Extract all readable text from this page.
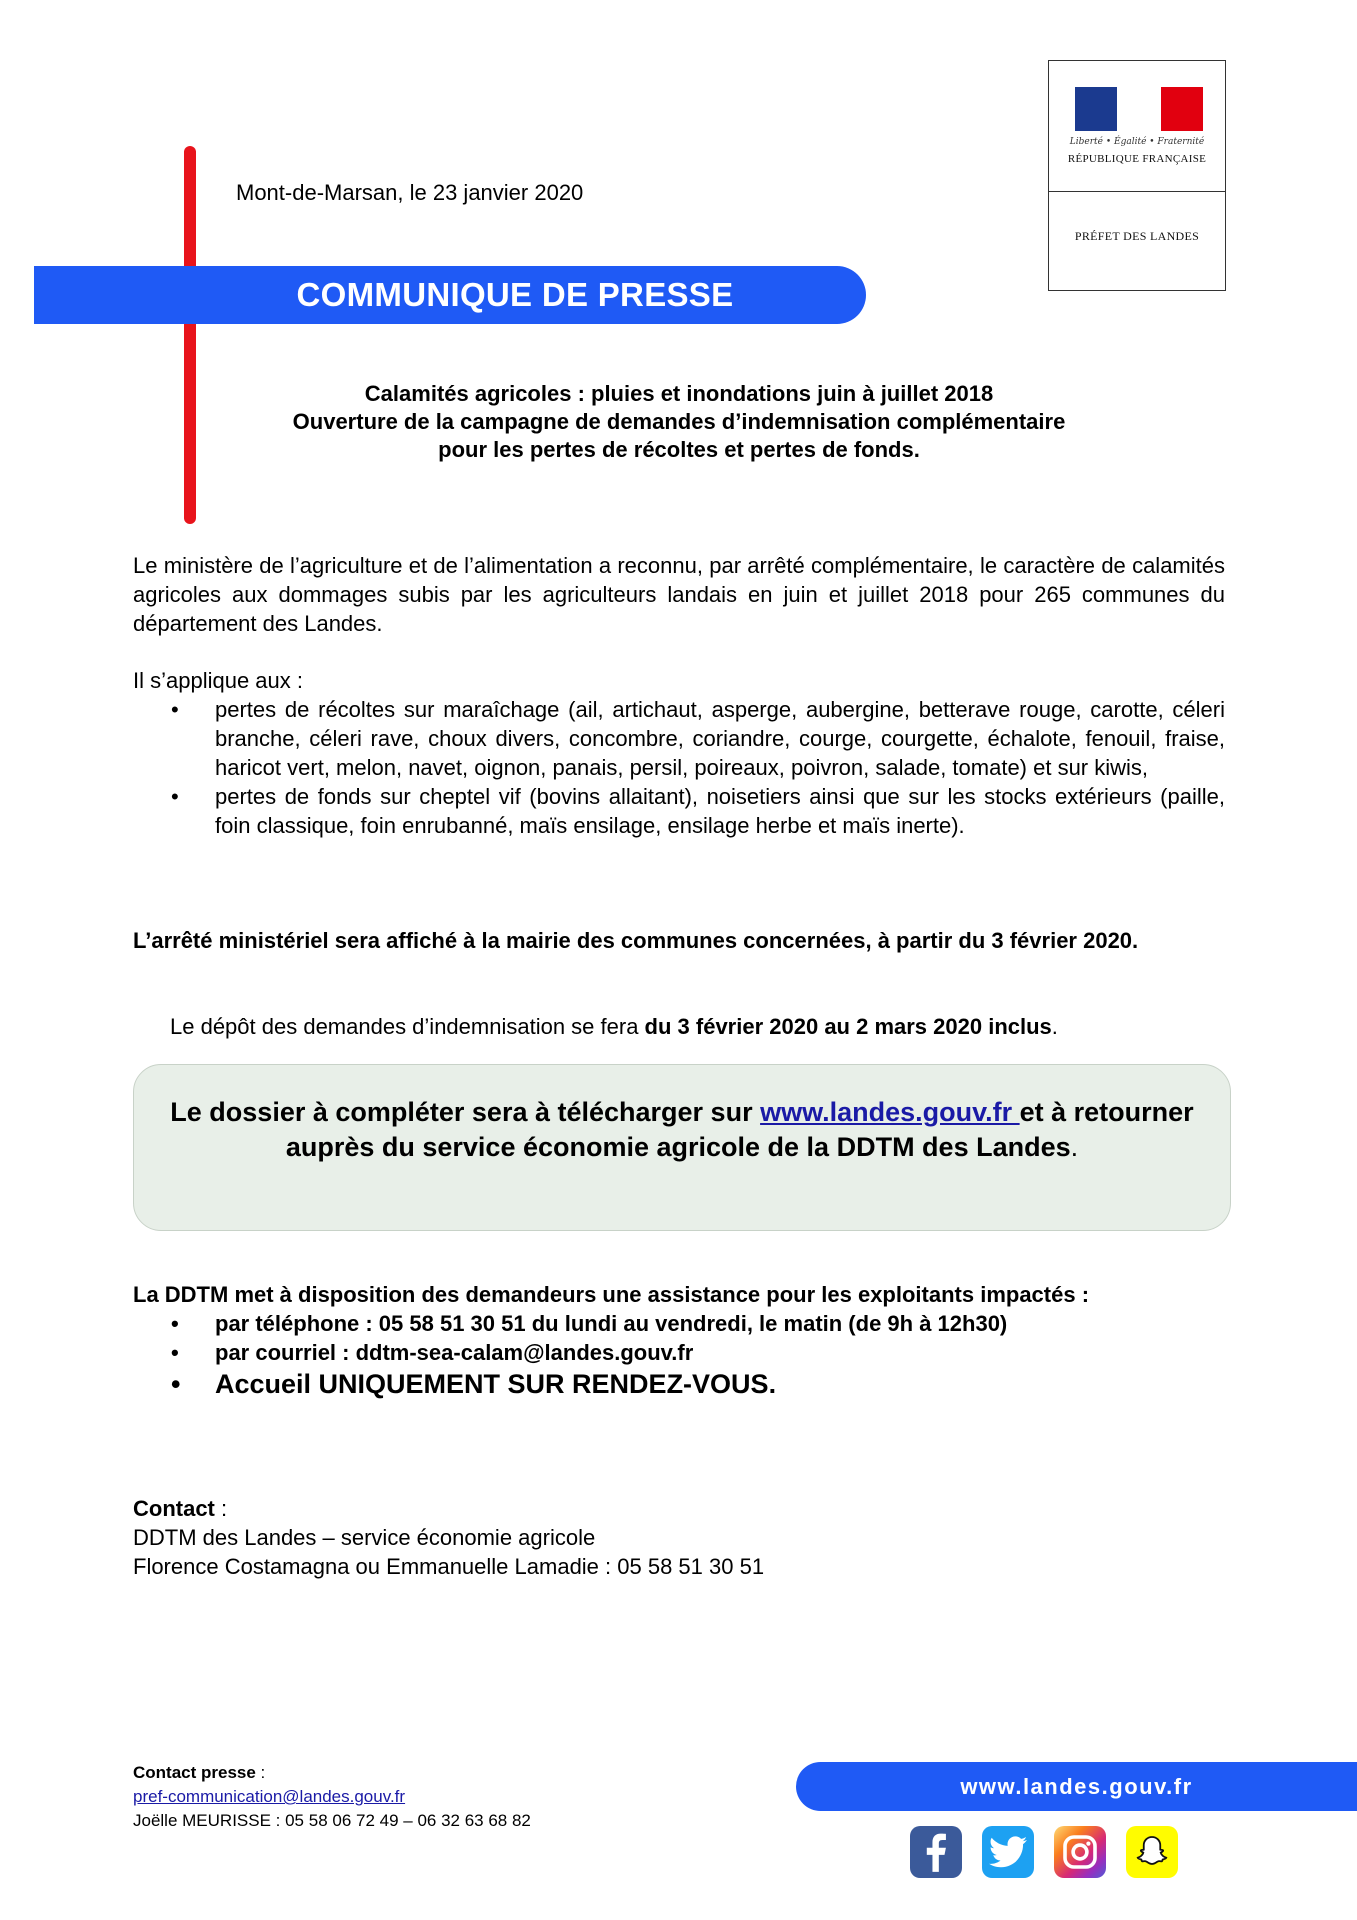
Liberté • Égalité • Fraternité
RÉPUBLIQUE FRANÇAISE
PRÉFET DES LANDES
Mont-de-Marsan, le 23 janvier 2020
COMMUNIQUE DE PRESSE
Calamités agricoles : pluies et inondations juin à juillet 2018
Ouverture de la campagne de demandes d’indemnisation complémentaire
pour les pertes de récoltes et pertes de fonds.
Le ministère de l’agriculture et de l’alimentation a reconnu, par arrêté complémentaire, le caractère de calamités agricoles aux dommages subis par les agriculteurs landais en juin et juillet 2018 pour 265 communes du département des Landes.
Il s’applique aux :
• pertes de récoltes sur maraîchage (ail, artichaut, asperge, aubergine, betterave rouge, carotte, céleri branche, céleri rave, choux divers, concombre, coriandre, courge, courgette, échalote, fenouil, fraise, haricot vert, melon, navet, oignon, panais, persil, poireaux, poivron, salade, tomate) et sur kiwis,
• pertes de fonds sur cheptel vif (bovins allaitant), noisetiers ainsi que sur les stocks extérieurs (paille, foin classique, foin enrubanné, maïs ensilage, ensilage herbe et maïs inerte).
L’arrêté ministériel sera affiché à la mairie des communes concernées, à partir du 3 février 2020.
Le dépôt des demandes d’indemnisation se fera du 3 février 2020 au 2 mars 2020 inclus.
Le dossier à compléter sera à télécharger sur www.landes.gouv.fr et à retourner auprès du service économie agricole de la DDTM des Landes.
La DDTM met à disposition des demandeurs une assistance pour les exploitants impactés :
• par téléphone : 05 58 51 30 51 du lundi au vendredi, le matin (de 9h à 12h30)
• par courriel : ddtm-sea-calam@landes.gouv.fr
• Accueil UNIQUEMENT SUR RENDEZ-VOUS.
Contact :
DDTM des Landes – service économie agricole
Florence Costamagna ou Emmanuelle Lamadie : 05 58 51 30 51
Contact presse :
pref-communication@landes.gouv.fr
Joëlle MEURISSE : 05 58 06 72 49 – 06 32 63 68 82
www.landes.gouv.fr
